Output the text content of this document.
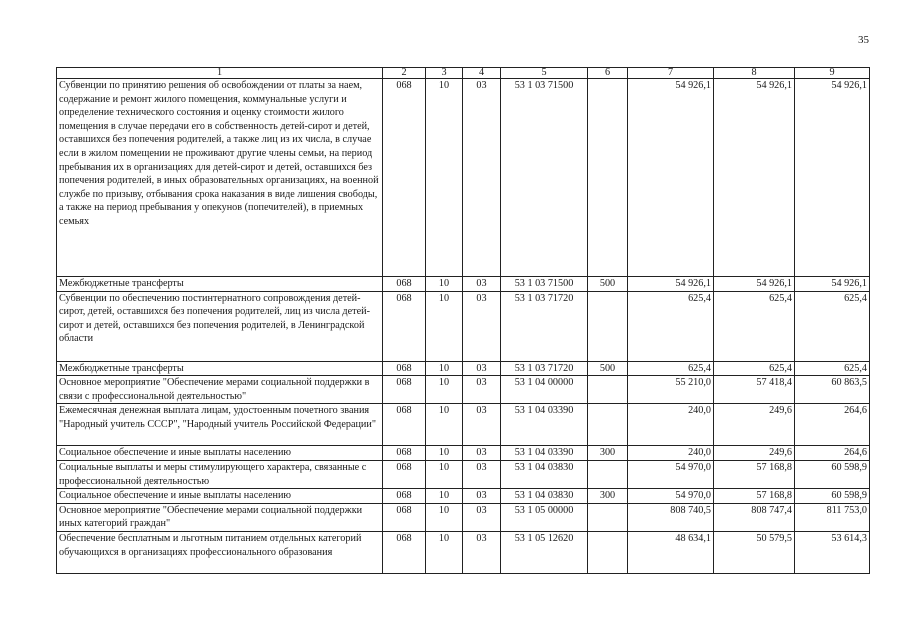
35
1	2	3	4	5	6	7	8	9
Субвенции по принятию решения об освобождении от платы за наем, содержание и ремонт жилого помещения, коммунальные услуги и определение технического состояния и оценку стоимости жилого помещения в случае передачи его в собственность детей-сирот и детей, оставшихся без попечения родителей, а также лиц из их числа, в случае если в жилом помещении не проживают другие члены семьи, на период пребывания их в организациях для детей-сирот и детей, оставшихся без попечения родителей, в иных образовательных организациях, на военной службе по призыву, отбывания срока наказания в виде лишения свободы, а также на период пребывания у опекунов (попечителей), в приемных семьях	068	10	03	53 1 03 71500		54 926,1	54 926,1	54 926,1
Межбюджетные трансферты	068	10	03	53 1 03 71500	500	54 926,1	54 926,1	54 926,1
Субвенции по обеспечению постинтернатного сопровождения детей-сирот, детей, оставшихся без попечения родителей, лиц из числа детей-сирот и детей, оставшихся без попечения родителей, в Ленинградской области	068	10	03	53 1 03 71720		625,4	625,4	625,4
Межбюджетные трансферты	068	10	03	53 1 03 71720	500	625,4	625,4	625,4
Основное мероприятие "Обеспечение мерами социальной поддержки в связи с профессиональной деятельностью"	068	10	03	53 1 04 00000		55 210,0	57 418,4	60 863,5
Ежемесячная денежная выплата лицам, удостоенным почетного звания "Народный учитель СССР", "Народный учитель Российской Федерации"	068	10	03	53 1 04 03390		240,0	249,6	264,6
Социальное обеспечение и иные выплаты населению	068	10	03	53 1 04 03390	300	240,0	249,6	264,6
Социальные выплаты и меры стимулирующего характера, связанные с профессиональной деятельностью	068	10	03	53 1 04 03830		54 970,0	57 168,8	60 598,9
Социальное обеспечение и иные выплаты населению	068	10	03	53 1 04 03830	300	54 970,0	57 168,8	60 598,9
Основное мероприятие "Обеспечение мерами социальной поддержки иных категорий граждан"	068	10	03	53 1 05 00000		808 740,5	808 747,4	811 753,0
Обеспечение бесплатным и льготным питанием отдельных категорий обучающихся в организациях профессионального образования	068	10	03	53 1 05 12620		48 634,1	50 579,5	53 614,3
